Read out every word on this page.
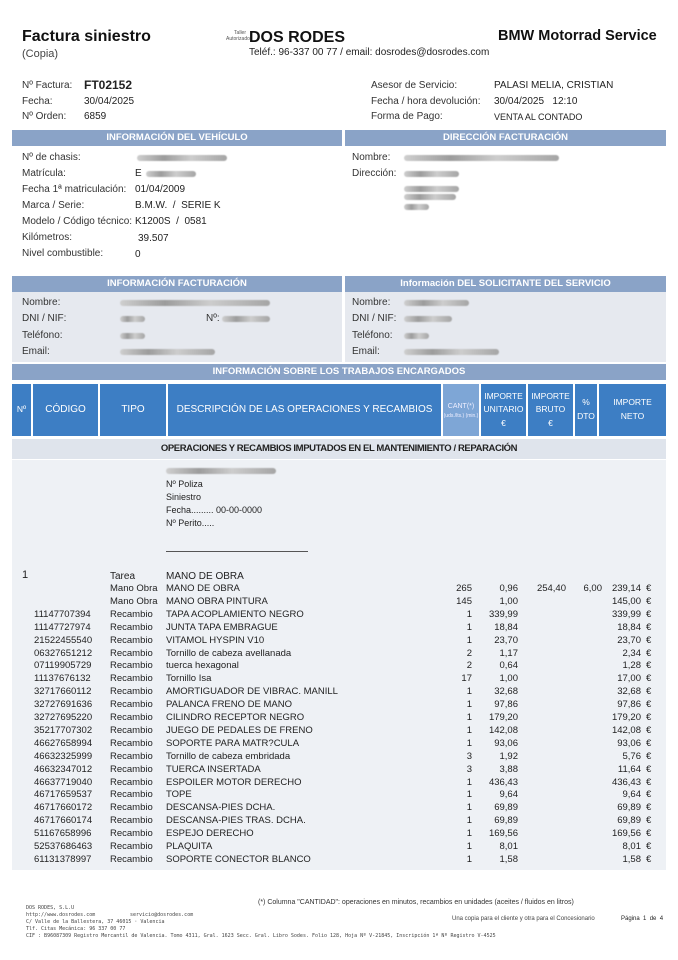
Factura siniestro
(Copia)
Taller
Autorizado DOS RODES
Teléf.: 96-337 00 77 / email: dosrodes@dosrodes.com
BMW Motorrad Service
Nº Factura: FT02152
Fecha:	30/04/2025
Nº Orden: 6859
Asesor de Servicio:	PALASI MELIA, CRISTIAN
Fecha / hora devolución: 30/04/2025   12:10
Forma de Pago:	VENTA AL CONTADO
INFORMACIÓN DEL VEHÍCULO
Nº de chasis:
Matrícula:	E
Fecha 1ª matriculación: 01/04/2009
Marca / Serie:	B.M.W.  /  SERIE K
Modelo / Código técnico: K1200S  /  0581
Kilómetros:	39.507
Nivel combustible:	0
DIRECCIÓN FACTURACIÓN
Nombre:
Dirección:
INFORMACIÓN FACTURACIÓN
Nombre:
DNI / NIF:	Nº:
Teléfono:
Email:
Información DEL SOLICITANTE DEL SERVICIO
Nombre:
DNI / NIF:
Teléfono:
Email:
INFORMACIÓN SOBRE LOS TRABAJOS ENCARGADOS
Nº CÓDIGO	TIPO	DESCRIPCIÓN DE LAS OPERACIONES Y RECAMBIOS CANT(*)
(uds./lts.) (min.)
IMPORTE
UNITARIO
€
IMPORTE
BRUTO
€
%
DTO
IMPORTE
NETO
OPERACIONES Y RECAMBIOS IMPUTADOS EN EL MANTENIMIENTO / REPARACIÓN
Nº Poliza
Siniestro
Fecha......... 00-00-0000
Nº Perito.....
1	Tarea	MANO DE OBRA
Mano Obra MANO DE OBRA	265	0,96 254,40 6,00 239,14 €
Mano Obra MANO OBRA PINTURA	145	1,00	145,00 €
11147707394 Recambio TAPA ACOPLAMIENTO NEGRO	1 339,99	339,99 €
11147727974 Recambio JUNTA TAPA EMBRAGUE	1 18,84	18,84 €
21522455540 Recambio VITAMOL HYSPIN V10	1 23,70	23,70 €
06327651212 Recambio Tornillo de cabeza avellanada	2	1,17	2,34 €
07119905729 Recambio tuerca hexagonal	2	0,64	1,28 €
11137676132 Recambio Tornillo Isa	17	1,00	17,00 €
32717660112 Recambio AMORTIGUADOR DE VIBRAC. MANILL	1 32,68	32,68 €
32727691636 Recambio PALANCA FRENO DE MANO	1 97,86	97,86 €
32727695220 Recambio CILINDRO RECEPTOR NEGRO	1 179,20	179,20 €
35217707302 Recambio JUEGO DE PEDALES DE FRENO	1 142,08	142,08 €
46627658994 Recambio SOPORTE PARA MATR?CULA	1 93,06	93,06 €
46632325999 Recambio Tornillo de cabeza embridada	3	1,92	5,76 €
46632347012 Recambio TUERCA INSERTADA	3	3,88	11,64 €
46637719040 Recambio ESPOILER MOTOR DERECHO	1 436,43	436,43 €
46717659537 Recambio TOPE	1	9,64	9,64 €
46717660172 Recambio DESCANSA-PIES DCHA.	1 69,89	69,89 €
46717660174 Recambio DESCANSA-PIES TRAS. DCHA.	1 69,89	69,89 €
51167658996 Recambio ESPEJO DERECHO	1 169,56	169,56 €
52537686463 Recambio PLAQUITA	1	8,01	8,01 €
61131378997 Recambio SOPORTE CONECTOR BLANCO	1	1,58	1,58 €
(*) Columna "CANTIDAD": operaciones en minutos, recambios en unidades (aceites / fluidos en litros)
DOS RODES, S.L.U
http://www.dosrodes.com	servicio@dosrodes.com
C/ Valle de la Ballestera, 37 46015 · Valencia
Tlf. Citas Mecánica: 96 337 00 77
CIF : B96087309 Registro Mercantil de Valencia. Tomo 4311, Gral. 1623 Secc. Gral. Libro Sodes. Folio 128, Hoja Nº V-21845, Inscripción 1ª Nº Registro V-4525
Una copia para el cliente y otra para el Concesionario	Página  1  de  4
